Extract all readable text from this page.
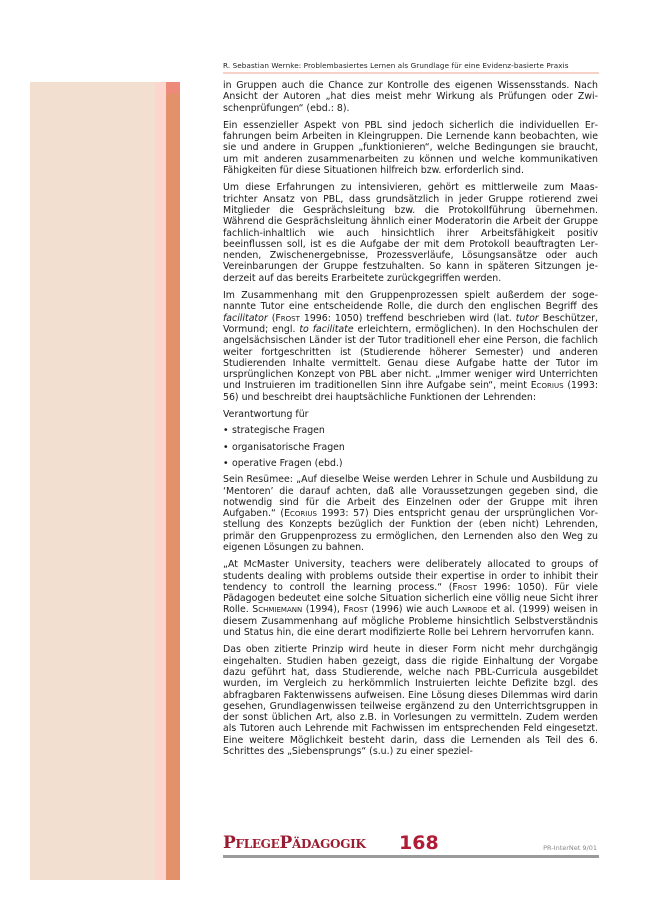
R. Sebastian Wernke: Problembasiertes Lernen als Grundlage für eine Evidenz-basierte Praxis

in Gruppen auch die Chance zur Kontrolle des eigenen Wissensstands. Nach Ansicht der Autoren „hat dies meist mehr Wirkung als Prüfungen oder Zwischenprüfungen“ (ebd.: 8).

Ein essenzieller Aspekt von PBL sind jedoch sicherlich die individuellen Erfahrungen beim Arbeiten in Kleingruppen. Die Lernende kann beobachten, wie sie und andere in Gruppen „funktionieren“, welche Bedingungen sie braucht, um mit anderen zusammenarbeiten zu können und welche kommunikativen Fähigkeiten für diese Situationen hilfreich bzw. erforderlich sind.

Um diese Erfahrungen zu intensivieren, gehört es mittlerweile zum Maastrichter Ansatz von PBL, dass grundsätzlich in jeder Gruppe rotierend zwei Mitglieder die Gesprächsleitung bzw. die Protokollführung übernehmen. Während die Gesprächsleitung ähnlich einer Moderatorin die Arbeit der Gruppe fachlich-inhaltlich wie auch hinsichtlich ihrer Arbeitsfähigkeit positiv beeinflussen soll, ist es die Aufgabe der mit dem Protokoll beauftragten Lernenden, Zwischenergebnisse, Prozessverläufe, Lösungsansätze oder auch Vereinbarungen der Gruppe festzuhalten. So kann in späteren Sitzungen jederzeit auf das bereits Erarbeitete zurückgegriffen werden.

Im Zusammenhang mit den Gruppenprozessen spielt außerdem der sogenannte Tutor eine entscheidende Rolle, die durch den englischen Begriff des facilitator (Frost 1996: 1050) treffend beschrieben wird (lat. tutor Beschützer, Vormund; engl. to facilitate erleichtern, ermöglichen). In den Hochschulen der angelsächsischen Länder ist der Tutor traditionell eher eine Person, die fachlich weiter fortgeschritten ist (Studierende höherer Semester) und anderen Studierenden Inhalte vermittelt. Genau diese Aufgabe hatte der Tutor im ursprünglichen Konzept von PBL aber nicht. „Immer weniger wird Unterrichten und Instruieren im traditionellen Sinn ihre Aufgabe sein“, meint Ecorius (1993: 56) und beschreibt drei hauptsächliche Funktionen der Lehrenden:

Verantwortung für

• strategische Fragen
• organisatorische Fragen
• operative Fragen (ebd.)

Sein Resümee: „Auf dieselbe Weise werden Lehrer in Schule und Ausbildung zu ‘Mentoren’ die darauf achten, daß alle Voraussetzungen gegeben sind, die notwendig sind für die Arbeit des Einzelnen oder der Gruppe mit ihren Aufgaben.“ (Ecorius 1993: 57) Dies entspricht genau der ursprünglichen Vorstellung des Konzepts bezüglich der Funktion der (eben nicht) Lehrenden, primär den Gruppenprozess zu ermöglichen, den Lernenden also den Weg zu eigenen Lösungen zu bahnen.

„At McMaster University, teachers were deliberately allocated to groups of students dealing with problems outside their expertise in order to inhibit their tendency to controll the learning process.“ (Frost 1996: 1050). Für viele Pädagogen bedeutet eine solche Situation sicherlich eine völlig neue Sicht ihrer Rolle. Schmiemann (1994), Frost (1996) wie auch Lanrode et al. (1999) weisen in diesem Zusammenhang auf mögliche Probleme hinsichtlich Selbstverständnis und Status hin, die eine derart modifizierte Rolle bei Lehrern hervorrufen kann.

Das oben zitierte Prinzip wird heute in dieser Form nicht mehr durchgängig eingehalten. Studien haben gezeigt, dass die rigide Einhaltung der Vorgabe dazu geführt hat, dass Studierende, welche nach PBL-Curricula ausgebildet wurden, im Vergleich zu herkömmlich Instruierten leichte Defizite bzgl. des abfragbaren Faktenwissens aufweisen. Eine Lösung dieses Dilemmas wird darin gesehen, Grundlagenwissen teilweise ergänzend zu den Unterrichtsgruppen in der sonst üblichen Art, also z.B. in Vorlesungen zu vermitteln. Zudem werden als Tutoren auch Lehrende mit Fachwissen im entsprechenden Feld eingesetzt. Eine weitere Möglichkeit besteht darin, dass die Lernenden als Teil des 6. Schrittes des „Siebensprungs“ (s.u.) zu einer speziel-

PflegePädagogik 168	PR-InterNet 9/01
